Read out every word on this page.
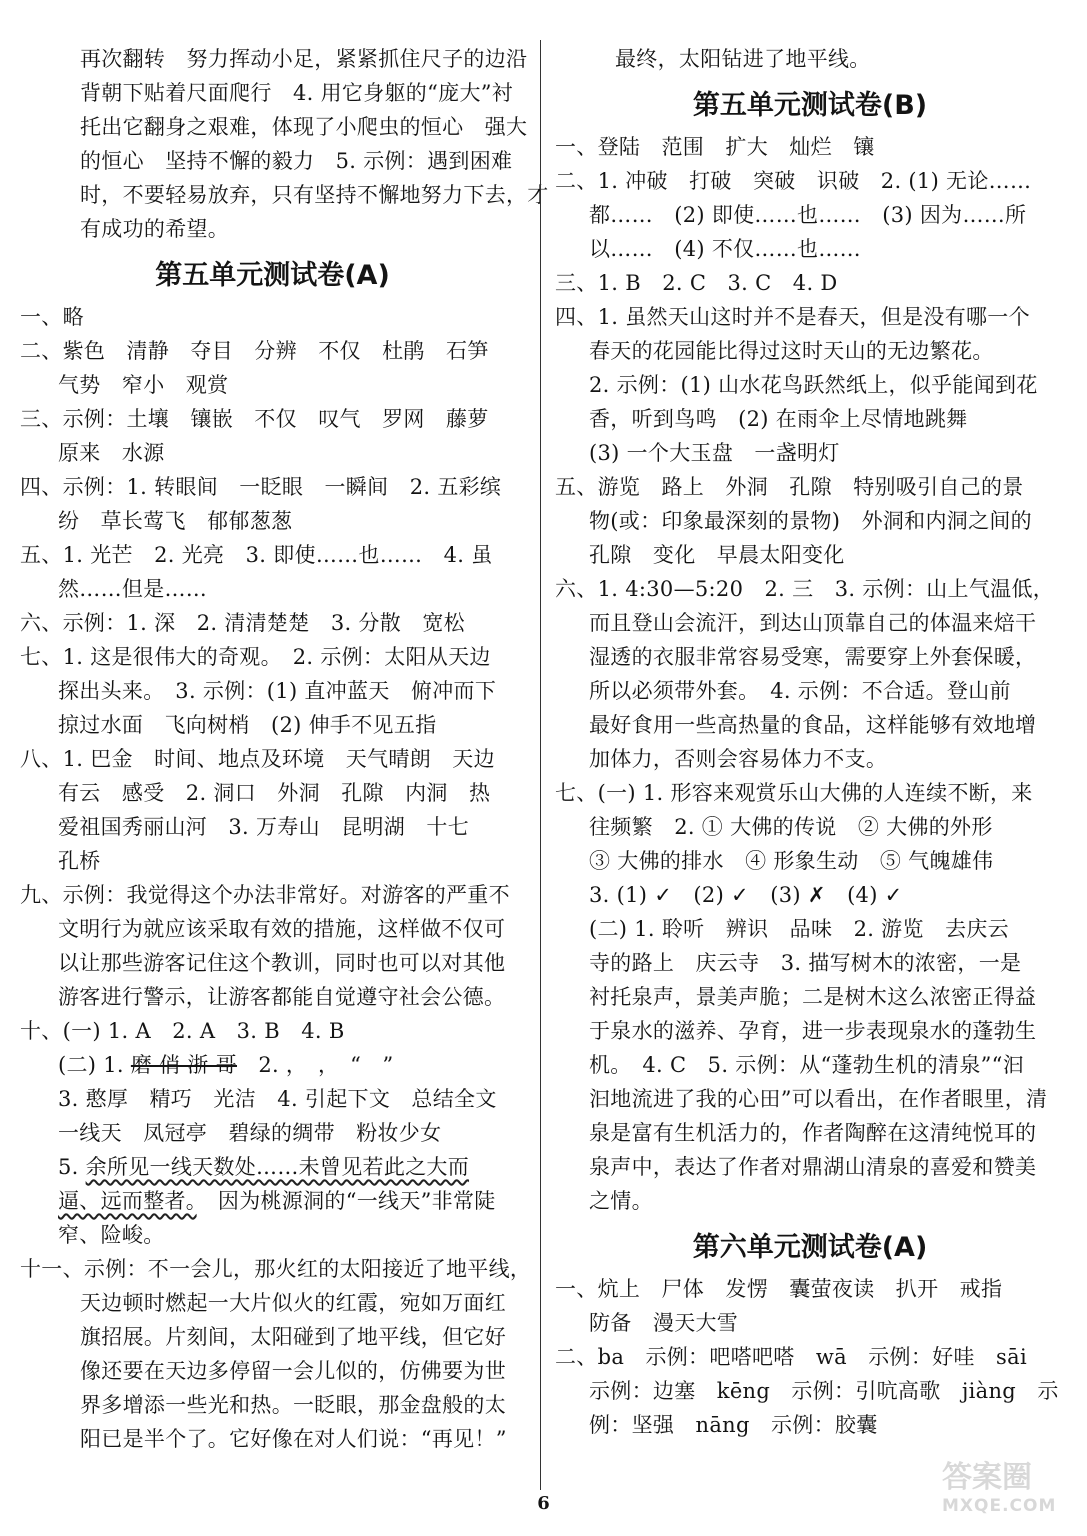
再次翻转　努力挥动小足，紧紧抓住尺子的边沿
背朝下贴着尺面爬行　4. 用它身躯的“庞大”衬
托出它翻身之艰难，体现了小爬虫的恒心　强大
的恒心　坚持不懈的毅力　5. 示例：遇到困难
时，不要轻易放弃，只有坚持不懈地努力下去，才
有成功的希望。
第五单元测试卷(A)
一、略
二、紫色　清静　夺目　分辨　不仅　杜鹃　石笋
气势　窄小　观赏
三、示例：土壤　镶嵌　不仅　叹气　罗网　藤萝
原来　水源
四、示例：1. 转眼间　一眨眼　一瞬间　2. 五彩缤
纷　草长莺飞　郁郁葱葱
五、1. 光芒　2. 光亮　3. 即使……也……　4. 虽
然……但是……
六、示例：1. 深　2. 清清楚楚　3. 分散　宽松
七、1. 这是很伟大的奇观。　2. 示例：太阳从天边
探出头来。　3. 示例：(1) 直冲蓝天　俯冲而下
掠过水面　飞向树梢　(2) 伸手不见五指
八、1. 巴金　时间、地点及环境　天气晴朗　天边
有云　感受　2. 洞口　外洞　孔隙　内洞　热
爱祖国秀丽山河　3. 万寿山　昆明湖　十七
孔桥
九、示例：我觉得这个办法非常好。对游客的严重不
文明行为就应该采取有效的措施，这样做不仅可
以让那些游客记住这个教训，同时也可以对其他
游客进行警示，让游客都能自觉遵守社会公德。
十、(一) 1. A　2. A　3. B　4. B
(二) 1. 磨 俏 浙 哥　2. ，　，　“　”
3. 憨厚　精巧　光洁　4. 引起下文　总结全文
一线天　凤冠亭　碧绿的绸带　粉妆少女
5. 余所见一线天数处……未曾见若此之大而
逼、远而整者。　因为桃源洞的“一线天”非常陡
窄、险峻。
十一、示例：不一会儿，那火红的太阳接近了地平线，
天边顿时燃起一大片似火的红霞，宛如万面红
旗招展。片刻间，太阳碰到了地平线，但它好
像还要在天边多停留一会儿似的，仿佛要为世
界多增添一些光和热。一眨眼，那金盘般的太
阳已是半个了。它好像在对人们说：“再见！”
最终，太阳钻进了地平线。
第五单元测试卷(B)
一、登陆　范围　扩大　灿烂　镶
二、1. 冲破　打破　突破　识破　2. (1) 无论……
都……　(2) 即使……也……　(3) 因为……所
以……　(4) 不仅……也……
三、1. B　2. C　3. C　4. D
四、1. 虽然天山这时并不是春天，但是没有哪一个
春天的花园能比得过这时天山的无边繁花。
2. 示例：(1) 山水花鸟跃然纸上，似乎能闻到花
香，听到鸟鸣　(2) 在雨伞上尽情地跳舞
(3) 一个大玉盘　一盏明灯
五、游览　路上　外洞　孔隙　特别吸引自己的景
物(或：印象最深刻的景物)　外洞和内洞之间的
孔隙　变化　早晨太阳变化
六、1. 4:30—5:20　2. 三　3. 示例：山上气温低，
而且登山会流汗，到达山顶靠自己的体温来焙干
湿透的衣服非常容易受寒，需要穿上外套保暖，
所以必须带外套。　4. 示例：不合适。登山前
最好食用一些高热量的食品，这样能够有效地增
加体力，否则会容易体力不支。
七、(一) 1. 形容来观赏乐山大佛的人连续不断，来
往频繁　2. ① 大佛的传说　② 大佛的外形
③ 大佛的排水　④ 形象生动　⑤ 气魄雄伟
3. (1) ✓　(2) ✓　(3) ✗　(4) ✓
(二) 1. 聆听　辨识　品味　2. 游览　去庆云
寺的路上　庆云寺　3. 描写树木的浓密，一是
衬托泉声，景美声脆；二是树木这么浓密正得益
于泉水的滋养、孕育，进一步表现泉水的蓬勃生
机。　4. C　5. 示例：从“蓬勃生机的清泉”“汩
汩地流进了我的心田”可以看出，在作者眼里，清
泉是富有生机活力的，作者陶醉在这清纯悦耳的
泉声中，表达了作者对鼎湖山清泉的喜爱和赞美
之情。
第六单元测试卷(A)
一、炕上　尸体　发愣　囊萤夜读　扒开　戒指
防备　漫天大雪
二、ba　示例：吧嗒吧嗒　wā　示例：好哇　sāi
示例：边塞　kēng　示例：引吭高歌　jiàng　示
例：坚强　nāng　示例：胶囊
6
答案圈
MXQE.COM
